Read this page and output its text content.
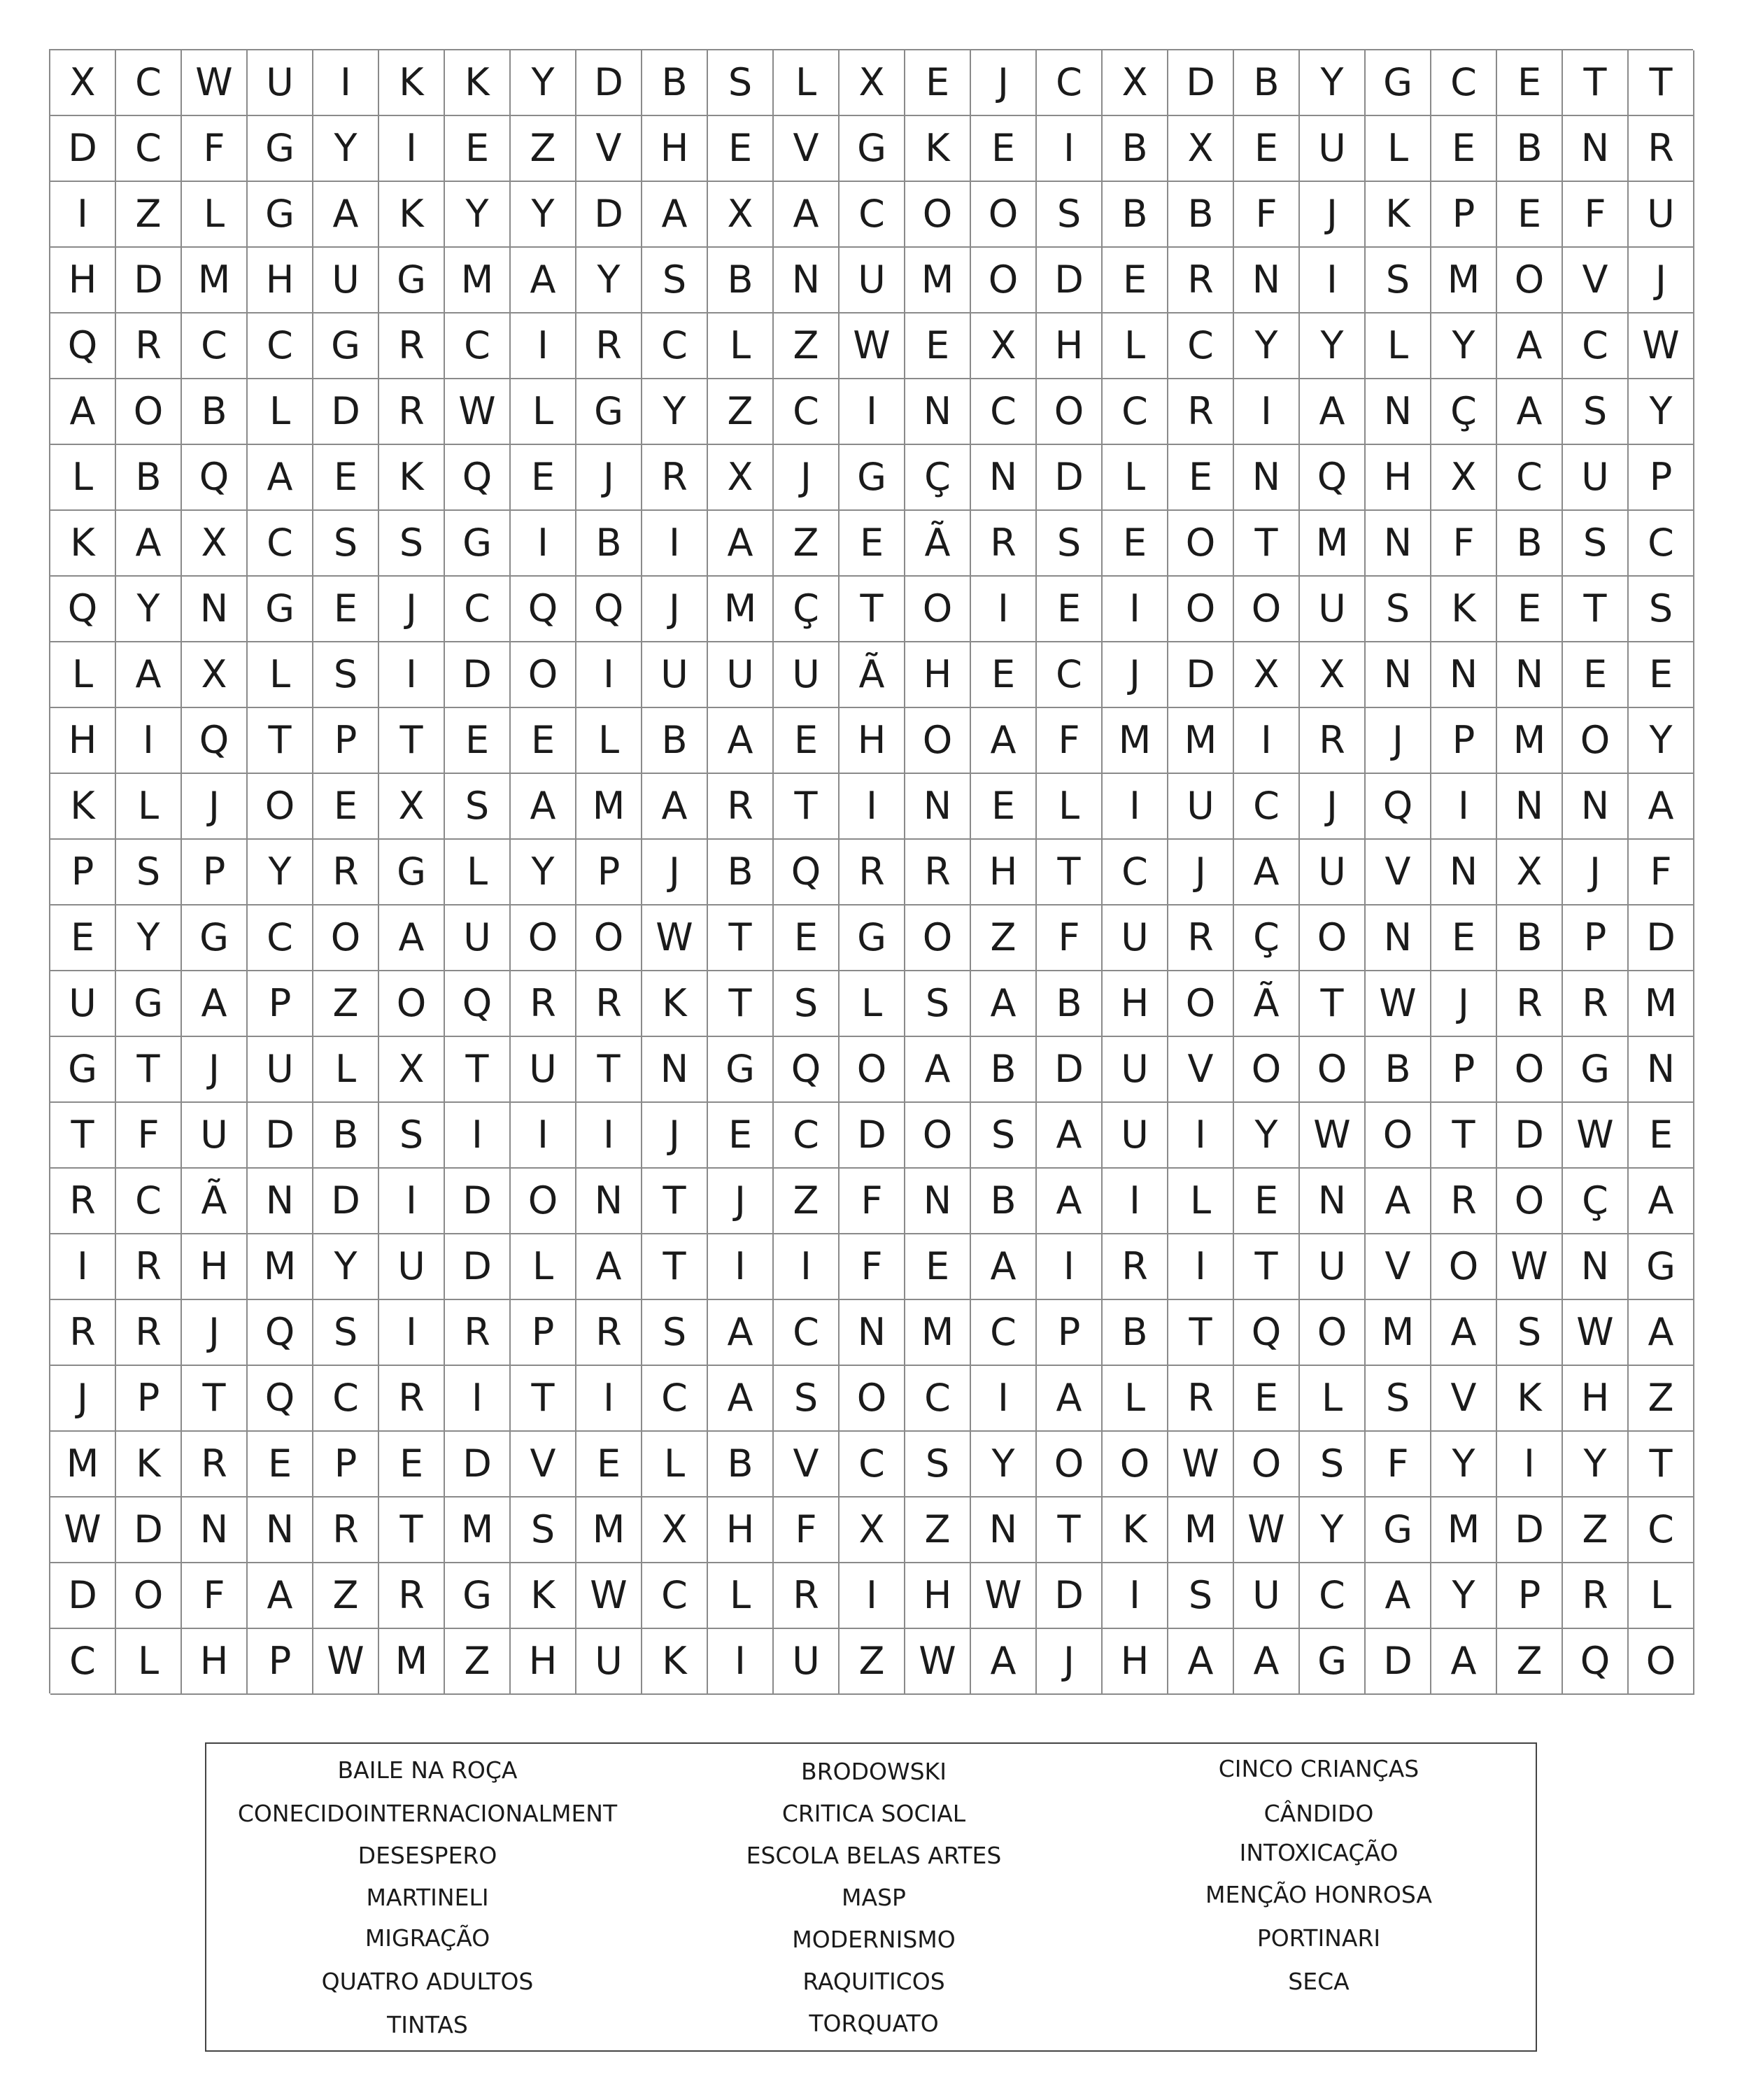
X	C W U	I	K	K	Y	D	B	S	L	X	E	J	C	X	D	B	Y	G	C	E	T	T
D	C	F	G	Y	I	E	Z	V	H	E	V	G	K	E	I	B	X	E	U	L	E	B	N	R
I	Z	L	G	A	K	Y	Y	D	A	X	A	C O O	S	B	B	F	J	K	P	E	F	U
H D M H U G M A	Y	S	B	N	U M O D	E	R	N	I	S M O	V	J
Q R	C	C	G	R	C	I	R	C	L	Z W E	X	H	L	C	Y	Y	L	Y	A	C W
A	O	B	L	D	R W L	G	Y	Z	C	I	N	C O C	R	I	A	N	Ç	A	S	Y
L	B	Q	A	E	K	Q	E	J	R	X	J	G	Ç	N D	L	E	N Q H	X	C	U	P
K	A	X	C	S	S	G	I	B	I	A	Z	E	Ã	R	S	E	O	T	M N	F	B	S	C
Q	Y	N G	E	J	C Q Q	J	M Ç	T	O	I	E	I	O O U	S	K	E	T	S
L	A	X	L	S	I	D O	I	U	U	U	Ã	H	E	C	J	D	X	X	N N N	E	E
H	I	Q	T	P	T	E	E	L	B	A	E	H O	A	F	M M	I	R	J	P	M O	Y
K	L	J	O	E	X	S	A M A	R	T	I	N	E	L	I	U	C	J	Q	I	N N	A
P	S	P	Y	R	G	L	Y	P	J	B	Q R	R	H	T	C	J	A	U	V	N	X	J	F
E	Y	G	C O	A	U O O W T	E	G O	Z	F	U	R	Ç O N	E	B	P	D
U G	A	P	Z	O Q R	R	K	T	S	L	S	A	B	H O	Ã	T W	J	R	R M
G	T	J	U	L	X	T	U	T	N G Q O	A	B	D U	V	O O	B	P	O G N
T	F	U D	B	S	I	I	I	J	E	C	D O	S	A	U	I	Y W O	T	D W E
R	C	Ã	N D	I	D O N	T	J	Z	F	N	B	A	I	L	E	N	A	R O Ç	A
I	R	H M	Y	U D	L	A	T	I	I	F	E	A	I	R	I	T	U	V	O W N G
R	R	J	Q	S	I	R	P	R	S	A	C	N M C	P	B	T	Q O M A	S W A
J	P	T	Q C	R	I	T	I	C	A	S	O C	I	A	L	R	E	L	S	V	K	H	Z
M K	R	E	P	E	D	V	E	L	B	V	C	S	Y	O O W O	S	F	Y	I	Y	T
W D N N	R	T	M S M X	H	F	X	Z	N	T	K M W Y	G M D	Z	C
D O	F	A	Z	R	G	K W C	L	R	I	H W D	I	S	U	C	A	Y	P	R	L
C	L	H	P W M Z	H U	K	I	U	Z W A	J	H	A	A	G D	A	Z	Q O
BAILE NA ROÇA
CONECIDOINTERNACIONALMENT
DESESPERO
MARTINELI
MIGRAÇÃO
QUATRO ADULTOS
TINTAS
BRODOWSKI
CRITICA SOCIAL
ESCOLA BELAS ARTES
MASP
MODERNISMO
RAQUITICOS
TORQUATO
CINCO CRIANÇAS
CÂNDIDO
INTOXICAÇÃO
MENÇÃO HONROSA
PORTINARI
SECA
